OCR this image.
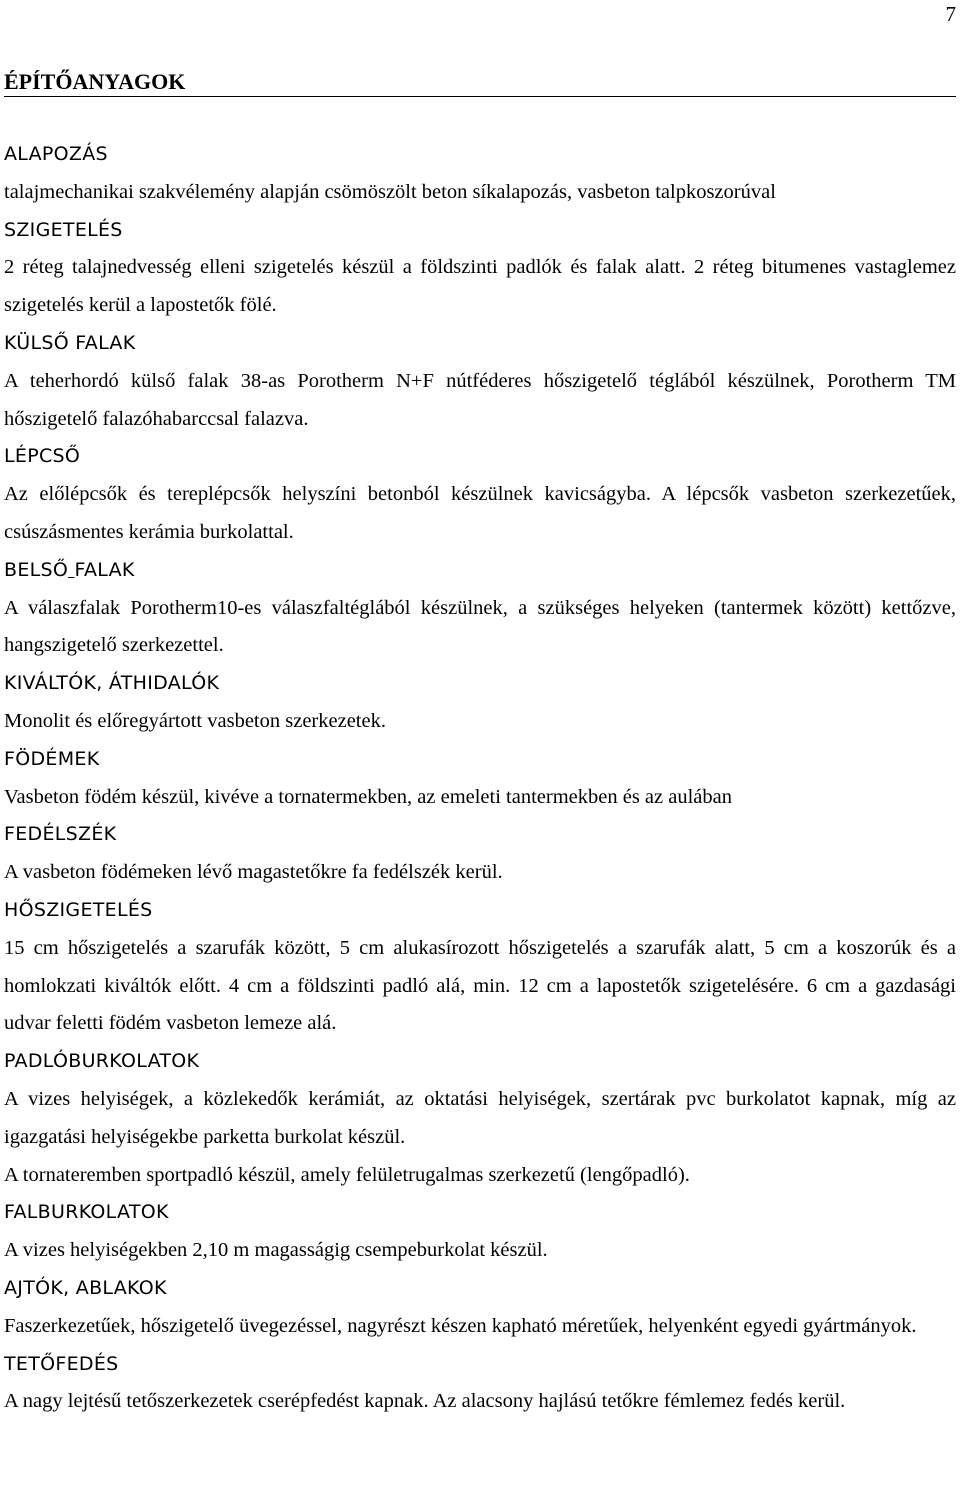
7
ÉPÍTŐANYAGOK
ALAPOZÁS
talajmechanikai szakvélemény alapján csömöszölt beton síkalapozás, vasbeton talpkoszorúval
SZIGETELÉS
2 réteg talajnedvesség elleni szigetelés készül a földszinti padlók és falak alatt. 2 réteg bitumenes vastaglemez szigetelés kerül a lapostetők fölé.
KÜLSŐ FALAK
A teherhordó külső falak 38-as Porotherm N+F nútféderes hőszigetelő téglából készülnek, Porotherm TM hőszigetelő falazóhabarccsal falazva.
LÉPCSŐ
Az előlépcsők és tereplépcsők helyszíni betonból készülnek kavicságyba. A lépcsők vasbeton szerkezetűek, csúszásmentes kerámia burkolattal.
BELSŐ FALAK
A válaszfalak Porotherm10-es válaszfaltéglából készülnek, a szükséges helyeken (tantermek között) kettőzve, hangszigetelő szerkezettel.
KIVÁLTÓK, ÁTHIDALÓK
Monolit és előregyártott vasbeton szerkezetek.
FÖDÉMEK
Vasbeton födém készül, kivéve a tornatermekben, az emeleti tantermekben és az aulában
FEDÉLSZÉK
A vasbeton födémeken lévő magastetőkre fa fedélszék kerül.
HŐSZIGETELÉS
15 cm hőszigetelés a szarufák között, 5 cm alukasírozott hőszigetelés a szarufák alatt, 5 cm a koszorúk és a homlokzati kiváltók előtt. 4 cm a földszinti padló alá, min. 12 cm a lapostetők szigetelésére. 6 cm a gazdasági udvar feletti födém vasbeton lemeze alá.
PADLÓBURKOLATOK
A vizes helyiségek, a közlekedők kerámiát, az oktatási helyiségek, szertárak pvc burkolatot kapnak, míg az igazgatási helyiségekbe parketta burkolat készül.
A tornateremben sportpadló készül, amely felületrugalmas szerkezetű (lengőpadló).
FALBURKOLATOK
A vizes helyiségekben 2,10 m magasságig csempeburkolat készül.
AJTÓK, ABLAKOK
Faszerkezetűek, hőszigetelő üvegezéssel, nagyrészt készen kapható méretűek, helyenként egyedi gyártmányok.
TETŐFEDÉS
A nagy lejtésű tetőszerkezetek cserépfedést kapnak. Az alacsony hajlású tetőkre fémlemez fedés kerül.
